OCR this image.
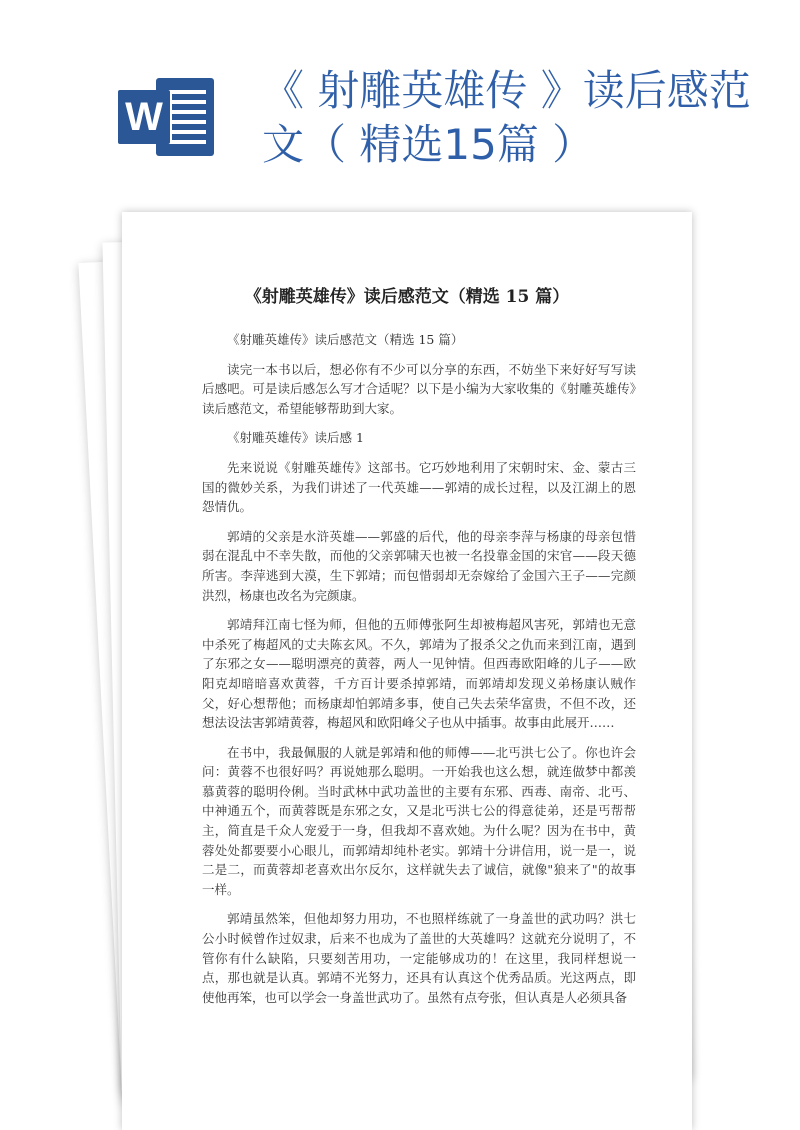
W
《 射雕英雄传 》读后感范文（ 精选15篇 ）
《射雕英雄传》读后感范文（精选 15 篇）

《射雕英雄传》读后感范文（精选 15 篇）

读完一本书以后，想必你有不少可以分享的东西，不妨坐下来好好写写读后感吧。可是读后感怎么写才合适呢？以下是小编为大家收集的《射雕英雄传》读后感范文，希望能够帮助到大家。

《射雕英雄传》读后感 1

先来说说《射雕英雄传》这部书。它巧妙地利用了宋朝时宋、金、蒙古三国的微妙关系，为我们讲述了一代英雄——郭靖的成长过程，以及江湖上的恩怨情仇。

郭靖的父亲是水浒英雄——郭盛的后代，他的母亲李萍与杨康的母亲包惜弱在混乱中不幸失散，而他的父亲郭啸天也被一名投靠金国的宋官——段天德所害。李萍逃到大漠，生下郭靖；而包惜弱却无奈嫁给了金国六王子——完颜洪烈，杨康也改名为完颜康。

郭靖拜江南七怪为师，但他的五师傅张阿生却被梅超风害死，郭靖也无意中杀死了梅超风的丈夫陈玄风。不久，郭靖为了报杀父之仇而来到江南，遇到了东邪之女——聪明漂亮的黄蓉，两人一见钟情。但西毒欧阳峰的儿子——欧阳克却暗暗喜欢黄蓉，千方百计要杀掉郭靖，而郭靖却发现义弟杨康认贼作父，好心想帮他；而杨康却怕郭靖多事，使自己失去荣华富贵，不但不改，还想法设法害郭靖黄蓉，梅超风和欧阳峰父子也从中插事。故事由此展开……

在书中，我最佩服的人就是郭靖和他的师傅——北丐洪七公了。你也许会问：黄蓉不也很好吗？再说她那么聪明。一开始我也这么想，就连做梦中都羡慕黄蓉的聪明伶俐。当时武林中武功盖世的主要有东邪、西毒、南帝、北丐、中神通五个，而黄蓉既是东邪之女，又是北丐洪七公的得意徒弟，还是丐帮帮主，简直是千众人宠爱于一身，但我却不喜欢她。为什么呢？因为在书中，黄蓉处处都要要小心眼儿，而郭靖却纯朴老实。郭靖十分讲信用，说一是一，说二是二，而黄蓉却老喜欢出尔反尔，这样就失去了诚信，就像"狼来了"的故事一样。

郭靖虽然笨，但他却努力用功，不也照样练就了一身盖世的武功吗？洪七公小时候曾作过奴隶，后来不也成为了盖世的大英雄吗？这就充分说明了，不管你有什么缺陷，只要刻苦用功，一定能够成功的！在这里，我同样想说一点，那也就是认真。郭靖不光努力，还具有认真这个优秀品质。光这两点，即使他再笨，也可以学会一身盖世武功了。虽然有点夸张，但认真是人必须具备
